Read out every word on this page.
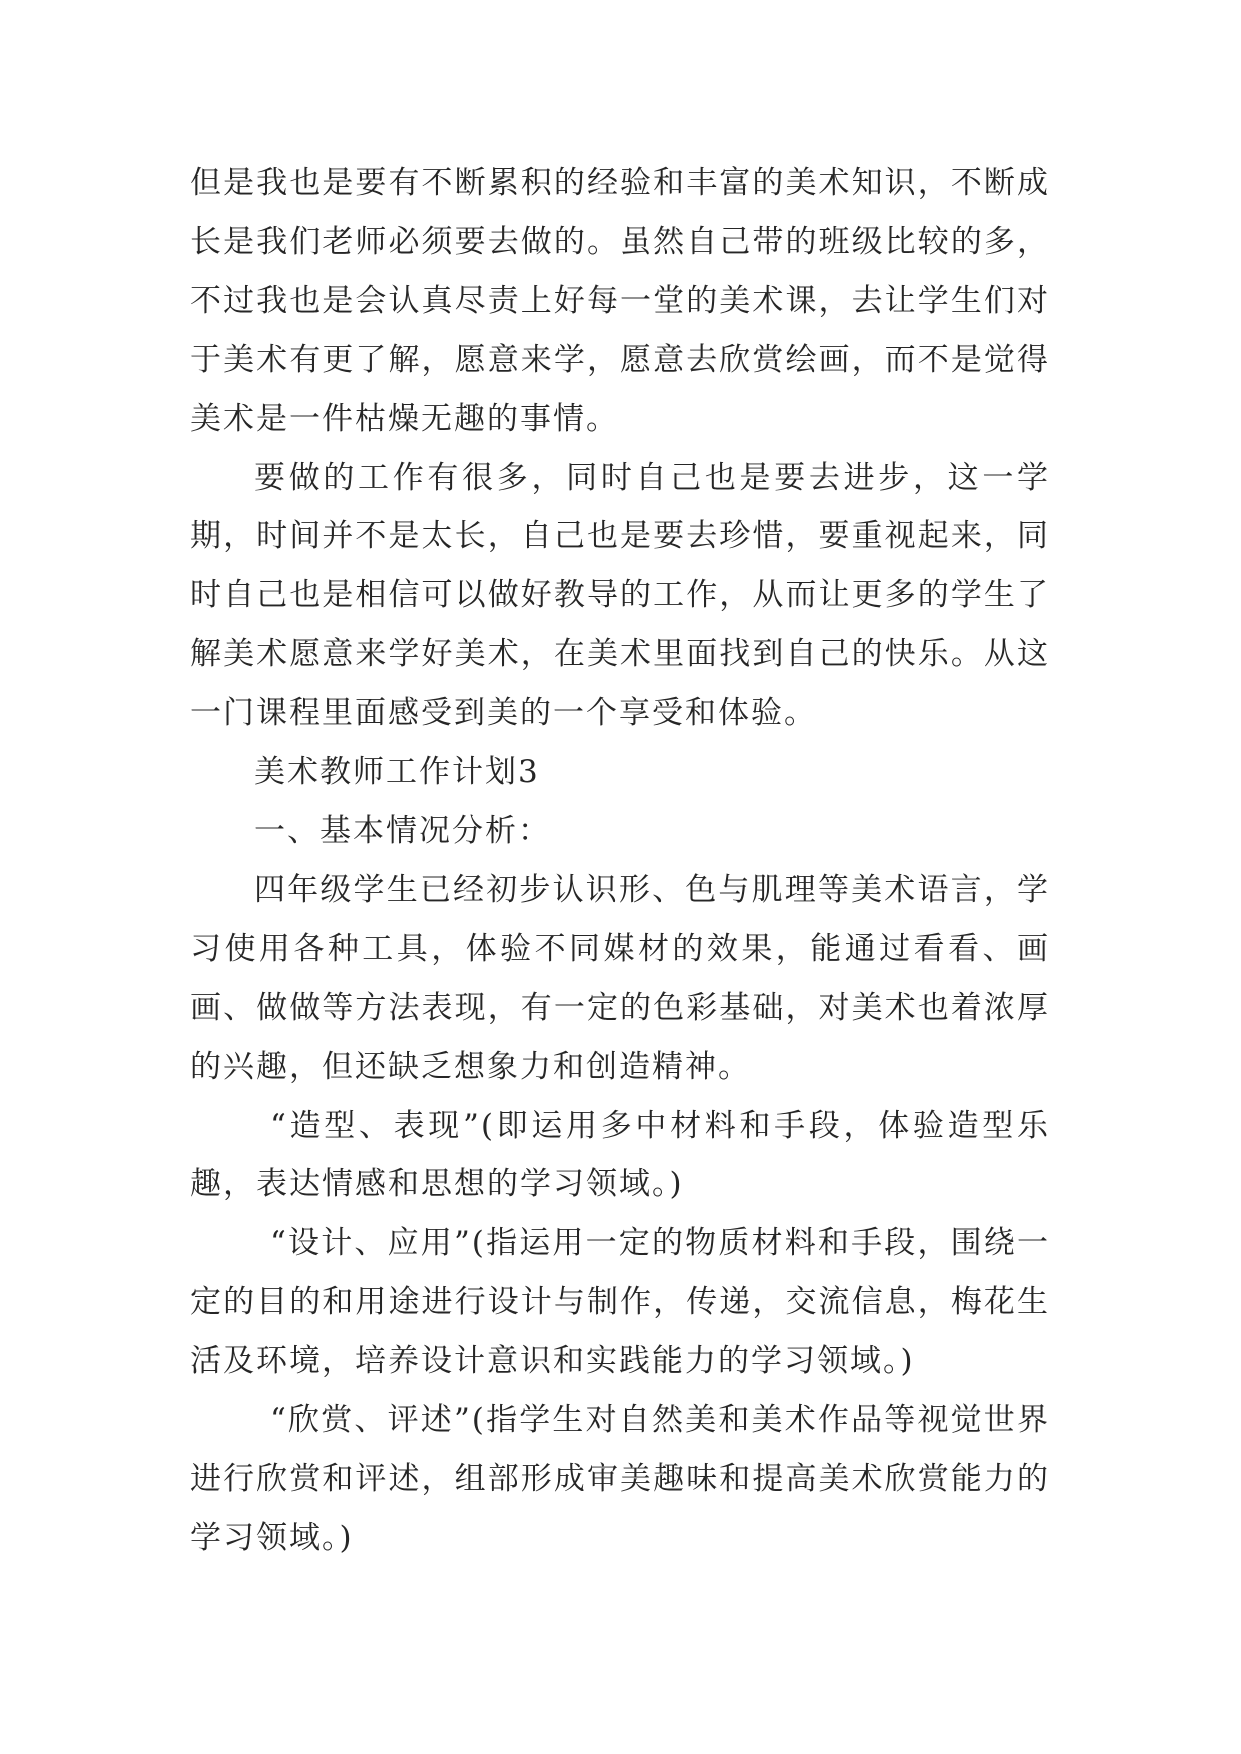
但是我也是要有不断累积的经验和丰富的美术知识，不断成长是我们老师必须要去做的。虽然自己带的班级比较的多，不过我也是会认真尽责上好每一堂的美术课，去让学生们对于美术有更了解，愿意来学，愿意去欣赏绘画，而不是觉得美术是一件枯燥无趣的事情。

要做的工作有很多，同时自己也是要去进步，这一学期，时间并不是太长，自己也是要去珍惜，要重视起来，同时自己也是相信可以做好教导的工作，从而让更多的学生了解美术愿意来学好美术，在美术里面找到自己的快乐。从这一门课程里面感受到美的一个享受和体验。

美术教师工作计划3

一、基本情况分析：

四年级学生已经初步认识形、色与肌理等美术语言，学习使用各种工具，体验不同媒材的效果，能通过看看、画画、做做等方法表现，有一定的色彩基础，对美术也着浓厚的兴趣，但还缺乏想象力和创造精神。

“造型、表现”(即运用多中材料和手段，体验造型乐趣，表达情感和思想的学习领域。)

“设计、应用”(指运用一定的物质材料和手段，围绕一定的目的和用途进行设计与制作，传递，交流信息，梅花生活及环境，培养设计意识和实践能力的学习领域。)

“欣赏、评述”(指学生对自然美和美术作品等视觉世界进行欣赏和评述，组部形成审美趣味和提高美术欣赏能力的学习领域。)
